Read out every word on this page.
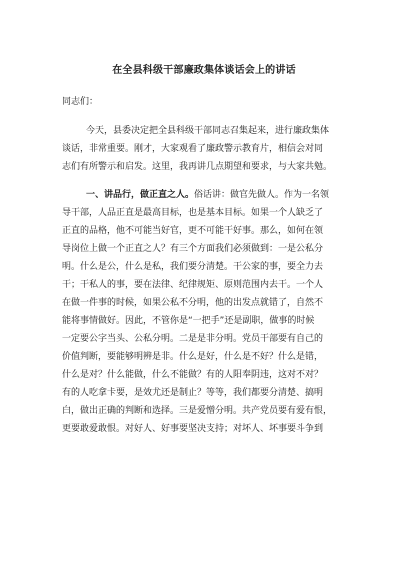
在全县科级干部廉政集体谈话会上的讲话
同志们：
今天，县委决定把全县科级干部同志召集起来，进行廉政集体
谈话，非常重要。刚才，大家观看了廉政警示教育片，相信会对同
志们有所警示和启发。这里，我再讲几点期望和要求，与大家共勉。
一、讲品行，做正直之人。俗话讲：做官先做人。作为一名领
导干部，人品正直是最高目标，也是基本目标。如果一个人缺乏了
正直的品格，他不可能当好官，更不可能干好事。那么，如何在领
导岗位上做一个正直之人？有三个方面我们必须做到：一是公私分
明。什么是公，什么是私，我们要分清楚。干公家的事，要全力去
干；干私人的事，要在法律、纪律规矩、原则范围内去干。一个人
在做一件事的时候，如果公私不分明，他的出发点就错了，自然不
能将事情做好。因此，不管你是“一把手”还是副职，做事的时候
一定要公字当头、公私分明。二是是非分明。党员干部要有自己的
价值判断，要能够明辨是非。什么是好，什么是不好？什么是错，
什么是对？什么能做，什么不能做？有的人阳奉阴违，这对不对？
有的人吃拿卡要，是效尤还是制止？等等，我们都要分清楚、搞明
白，做出正确的判断和选择。三是爱憎分明。共产党员要有爱有恨，
更要敢爱敢恨。对好人、好事要坚决支持；对坏人、坏事要斗争到
